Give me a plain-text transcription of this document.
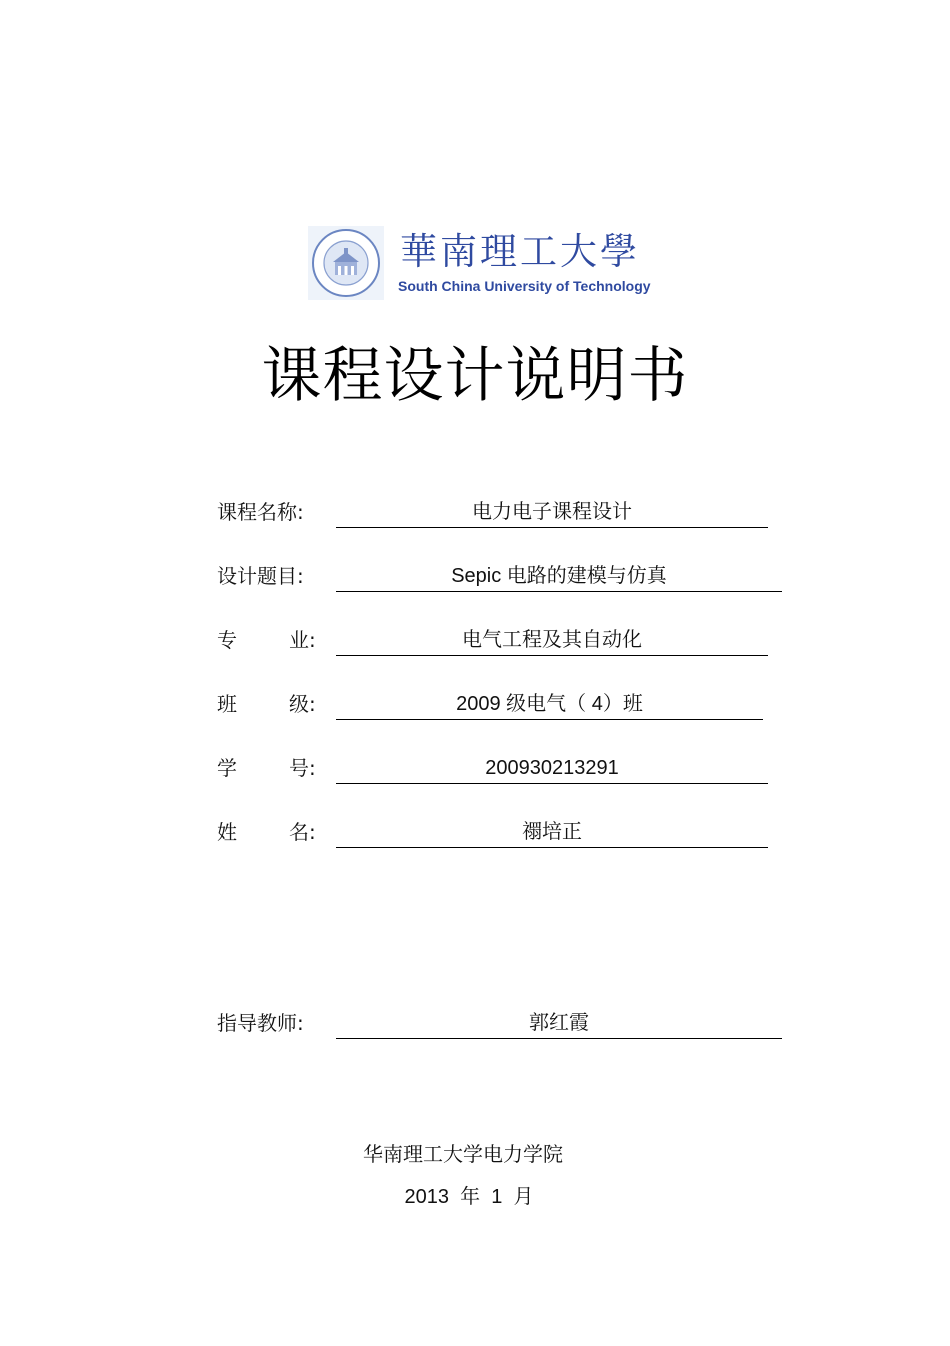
華南理工大學
South China University of Technology
课程设计说明书
课程名称:	电力电子课程设计
设计题目:	Sepic 电路的建模与仿真
专	业:	电气工程及其自动化
班	级:	2009 级电气（ 4）班
学	号:	200930213291
姓	名:	禤培正
指导教师:	郭红霞
华南理工大学电力学院
2013  年  1  月
